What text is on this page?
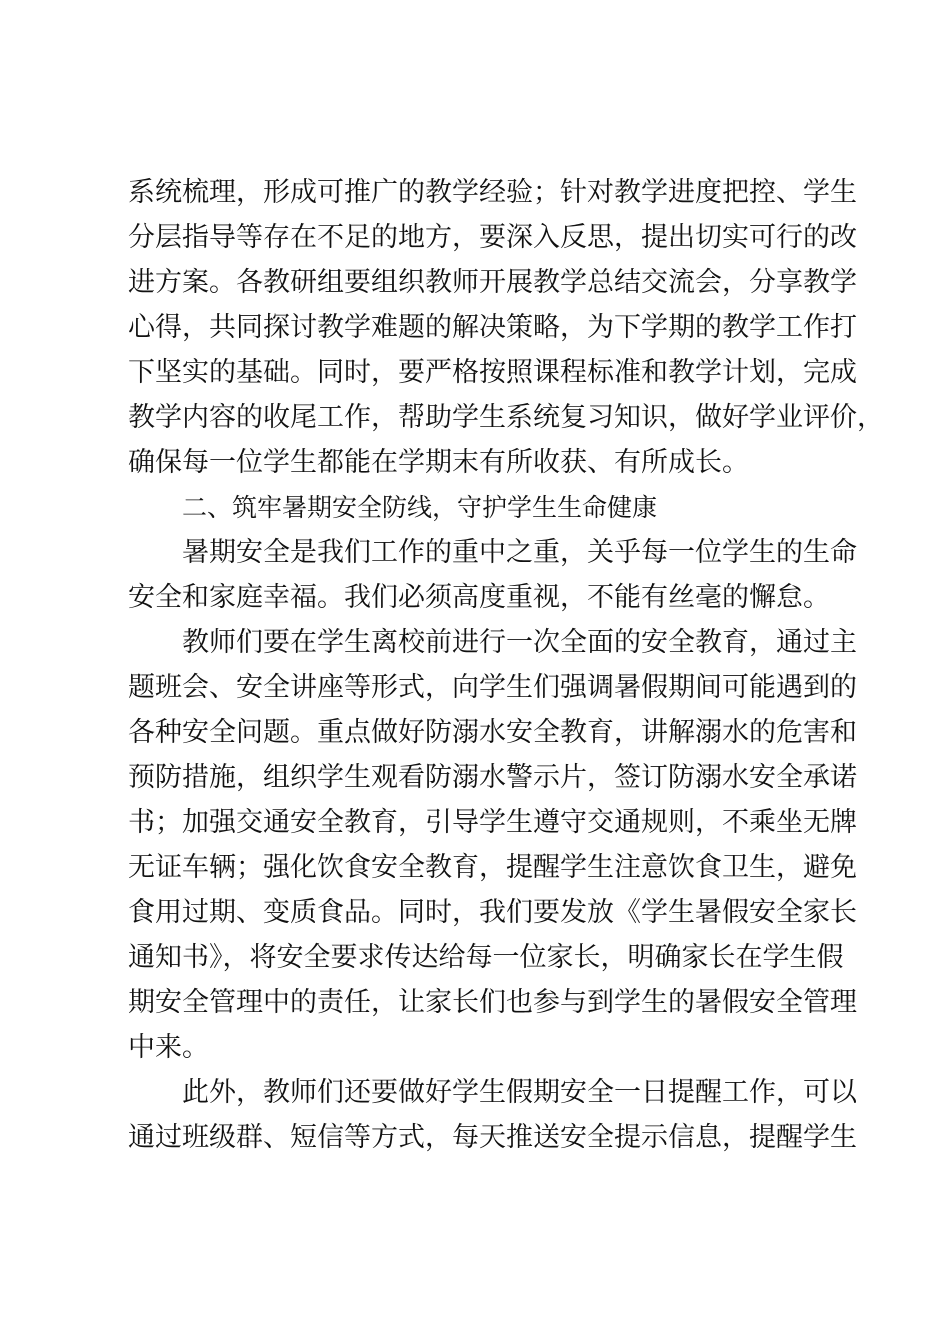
系统梳理，形成可推广的教学经验；针对教学进度把控、学生
分层指导等存在不足的地方，要深入反思，提出切实可行的改
进方案。各教研组要组织教师开展教学总结交流会，分享教学
心得，共同探讨教学难题的解决策略，为下学期的教学工作打
下坚实的基础。同时，要严格按照课程标准和教学计划，完成
教学内容的收尾工作，帮助学生系统复习知识，做好学业评价，
确保每一位学生都能在学期末有所收获、有所成长。
二、筑牢暑期安全防线，守护学生生命健康
暑期安全是我们工作的重中之重，关乎每一位学生的生命
安全和家庭幸福。我们必须高度重视，不能有丝毫的懈怠。
教师们要在学生离校前进行一次全面的安全教育，通过主
题班会、安全讲座等形式，向学生们强调暑假期间可能遇到的
各种安全问题。重点做好防溺水安全教育，讲解溺水的危害和
预防措施，组织学生观看防溺水警示片，签订防溺水安全承诺
书；加强交通安全教育，引导学生遵守交通规则，不乘坐无牌
无证车辆；强化饮食安全教育，提醒学生注意饮食卫生，避免
食用过期、变质食品。同时，我们要发放《学生暑假安全家长
通知书》，将安全要求传达给每一位家长，明确家长在学生假
期安全管理中的责任，让家长们也参与到学生的暑假安全管理
中来。
此外，教师们还要做好学生假期安全一日提醒工作，可以
通过班级群、短信等方式，每天推送安全提示信息，提醒学生
